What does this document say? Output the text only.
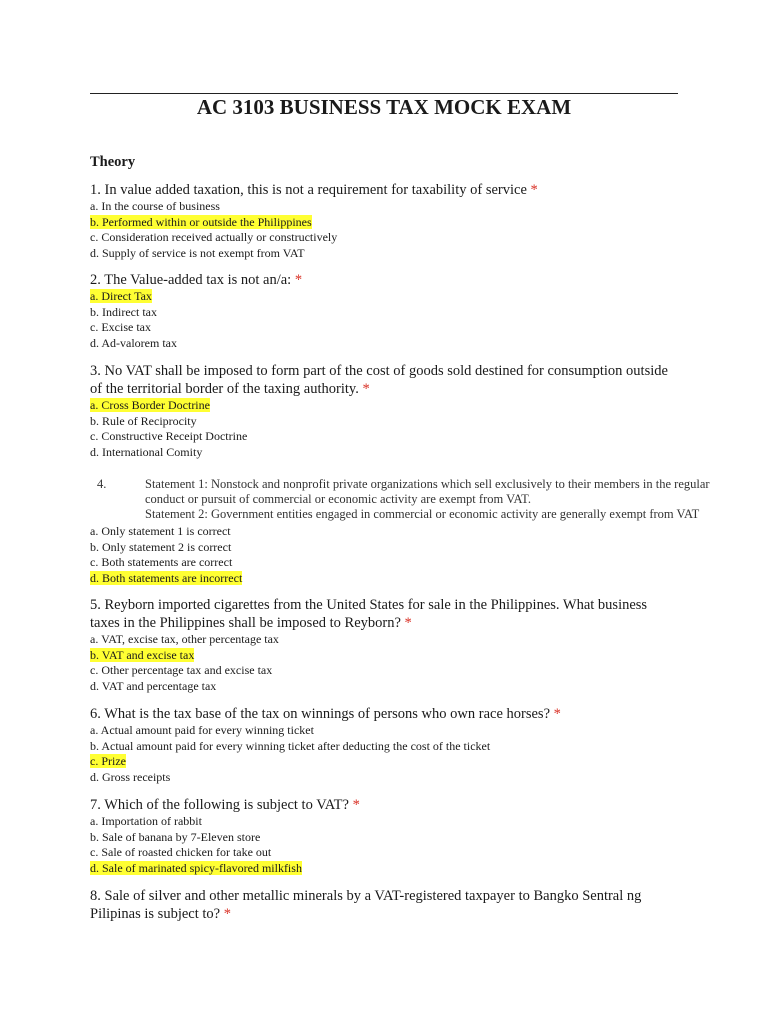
AC 3103 BUSINESS TAX MOCK EXAM
Theory
1. In value added taxation, this is not a requirement for taxability of service *
a. In the course of business
b. Performed within or outside the Philippines
c. Consideration received actually or constructively
d. Supply of service is not exempt from VAT
2. The Value-added tax is not an/a: *
a. Direct Tax
b. Indirect tax
c. Excise tax
d. Ad-valorem tax
3. No VAT shall be imposed to form part of the cost of goods sold destined for consumption outside of the territorial border of the taxing authority. *
a. Cross Border Doctrine
b. Rule of Reciprocity
c. Constructive Receipt Doctrine
d. International Comity
4.	Statement 1: Nonstock and nonprofit private organizations which sell exclusively to their members in the regular conduct or pursuit of commercial or economic activity are exempt from VAT.
Statement 2: Government entities engaged in commercial or economic activity are generally exempt from VAT
a. Only statement 1 is correct
b. Only statement 2 is correct
c. Both statements are correct
d. Both statements are incorrect
5. Reyborn imported cigarettes from the United States for sale in the Philippines. What business taxes in the Philippines shall be imposed to Reyborn? *
a. VAT, excise tax, other percentage tax
b. VAT and excise tax
c. Other percentage tax and excise tax
d. VAT and percentage tax
6. What is the tax base of the tax on winnings of persons who own race horses? *
a. Actual amount paid for every winning ticket
b. Actual amount paid for every winning ticket after deducting the cost of the ticket
c. Prize
d. Gross receipts
7. Which of the following is subject to VAT? *
a. Importation of rabbit
b. Sale of banana by 7-Eleven store
c. Sale of roasted chicken for take out
d. Sale of marinated spicy-flavored milkfish
8. Sale of silver and other metallic minerals by a VAT-registered taxpayer to Bangko Sentral ng Pilipinas is subject to? *
